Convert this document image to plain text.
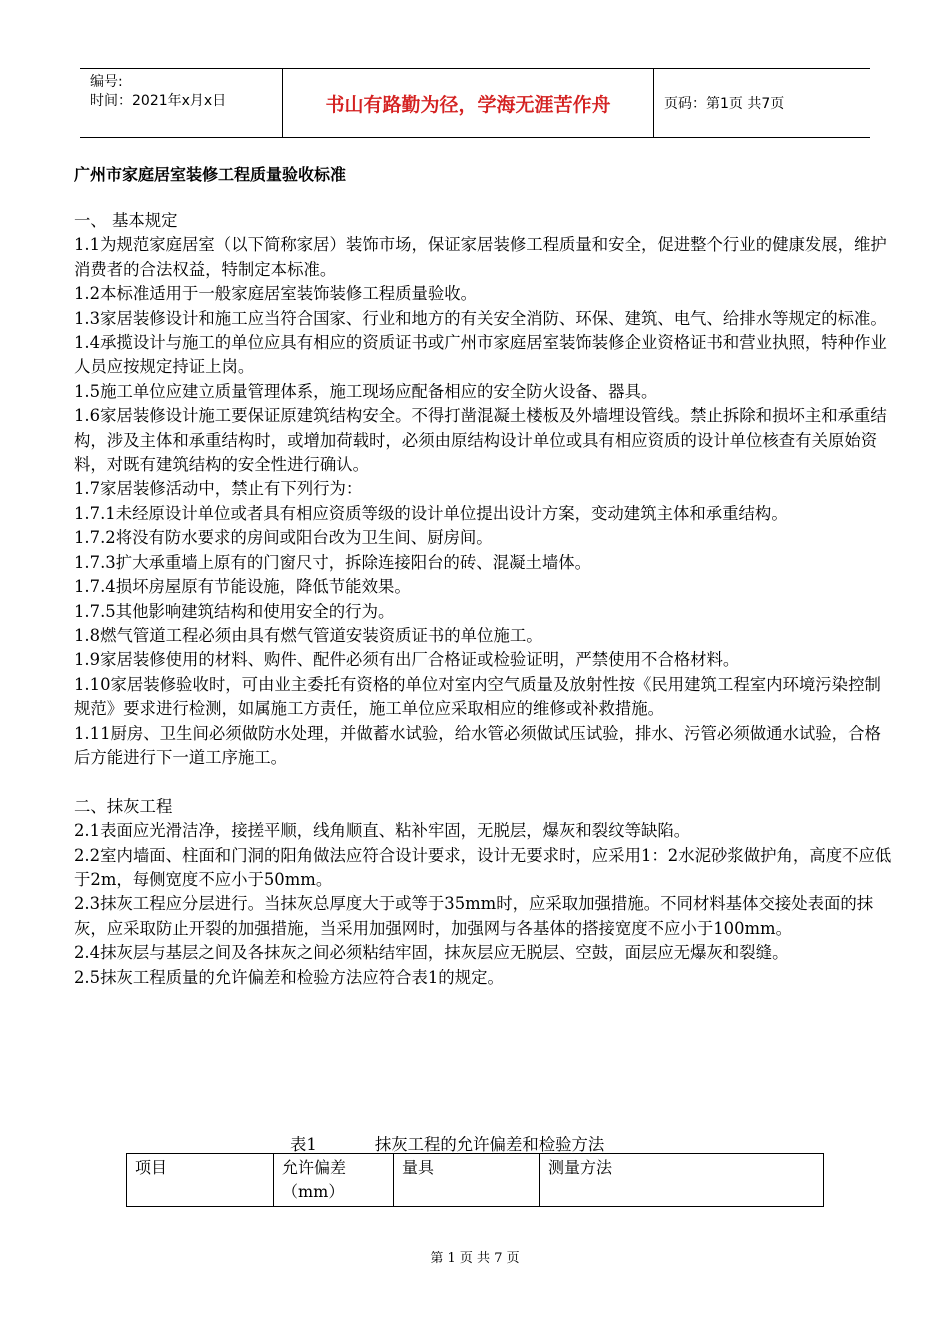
编号:
时间：2021年x月x日	书山有路勤为径，学海无涯苦作舟	页码：第1页 共7页
广州市家庭居室装修工程质量验收标准

一、 基本规定

1.1为规范家庭居室（以下简称家居）装饰市场，保证家居装修工程质量和安全，促进整个行业的健康发展，维护消费者的合法权益，特制定本标准。

1.2本标准适用于一般家庭居室装饰装修工程质量验收。

1.3家居装修设计和施工应当符合国家、行业和地方的有关安全消防、环保、建筑、电气、给排水等规定的标准。

1.4承揽设计与施工的单位应具有相应的资质证书或广州市家庭居室装饰装修企业资格证书和营业执照，特种作业人员应按规定持证上岗。

1.5施工单位应建立质量管理体系，施工现场应配备相应的安全防火设备、器具。

1.6家居装修设计施工要保证原建筑结构安全。不得打凿混凝土楼板及外墙埋设管线。禁止拆除和损坏主和承重结构，涉及主体和承重结构时，或增加荷载时，必须由原结构设计单位或具有相应资质的设计单位核查有关原始资料，对既有建筑结构的安全性进行确认。

1.7家居装修活动中，禁止有下列行为：

1.7.1未经原设计单位或者具有相应资质等级的设计单位提出设计方案，变动建筑主体和承重结构。

1.7.2将没有防水要求的房间或阳台改为卫生间、厨房间。

1.7.3扩大承重墙上原有的门窗尺寸，拆除连接阳台的砖、混凝土墙体。

1.7.4损坏房屋原有节能设施，降低节能效果。

1.7.5其他影响建筑结构和使用安全的行为。

1.8燃气管道工程必须由具有燃气管道安装资质证书的单位施工。

1.9家居装修使用的材料、购件、配件必须有出厂合格证或检验证明，严禁使用不合格材料。

1.10家居装修验收时，可由业主委托有资格的单位对室内空气质量及放射性按《民用建筑工程室内环境污染控制规范》要求进行检测，如属施工方责任，施工单位应采取相应的维修或补救措施。

1.11厨房、卫生间必须做防水处理，并做蓄水试验，给水管必须做试压试验，排水、污管必须做通水试验，合格后方能进行下一道工序施工。

二、抹灰工程

2.1表面应光滑洁净，接搓平顺，线角顺直、粘补牢固，无脱层，爆灰和裂纹等缺陷。

2.2室内墙面、柱面和门洞的阳角做法应符合设计要求，设计无要求时，应采用1：2水泥砂浆做护角，高度不应低于2m，每侧宽度不应小于50mm。

2.3抹灰工程应分层进行。当抹灰总厚度大于或等于35mm时，应采取加强措施。不同材料基体交接处表面的抹灰，应采取防止开裂的加强措施，当采用加强网时，加强网与各基体的搭接宽度不应小于100mm。

2.4抹灰层与基层之间及各抹灰之间必须粘结牢固，抹灰层应无脱层、空鼓，面层应无爆灰和裂缝。

2.5抹灰工程质量的允许偏差和检验方法应符合表1的规定。

表1	抹灰工程的允许偏差和检验方法
项目	允许偏差（mm）	量具	测量方法
第 1 页 共 7 页
